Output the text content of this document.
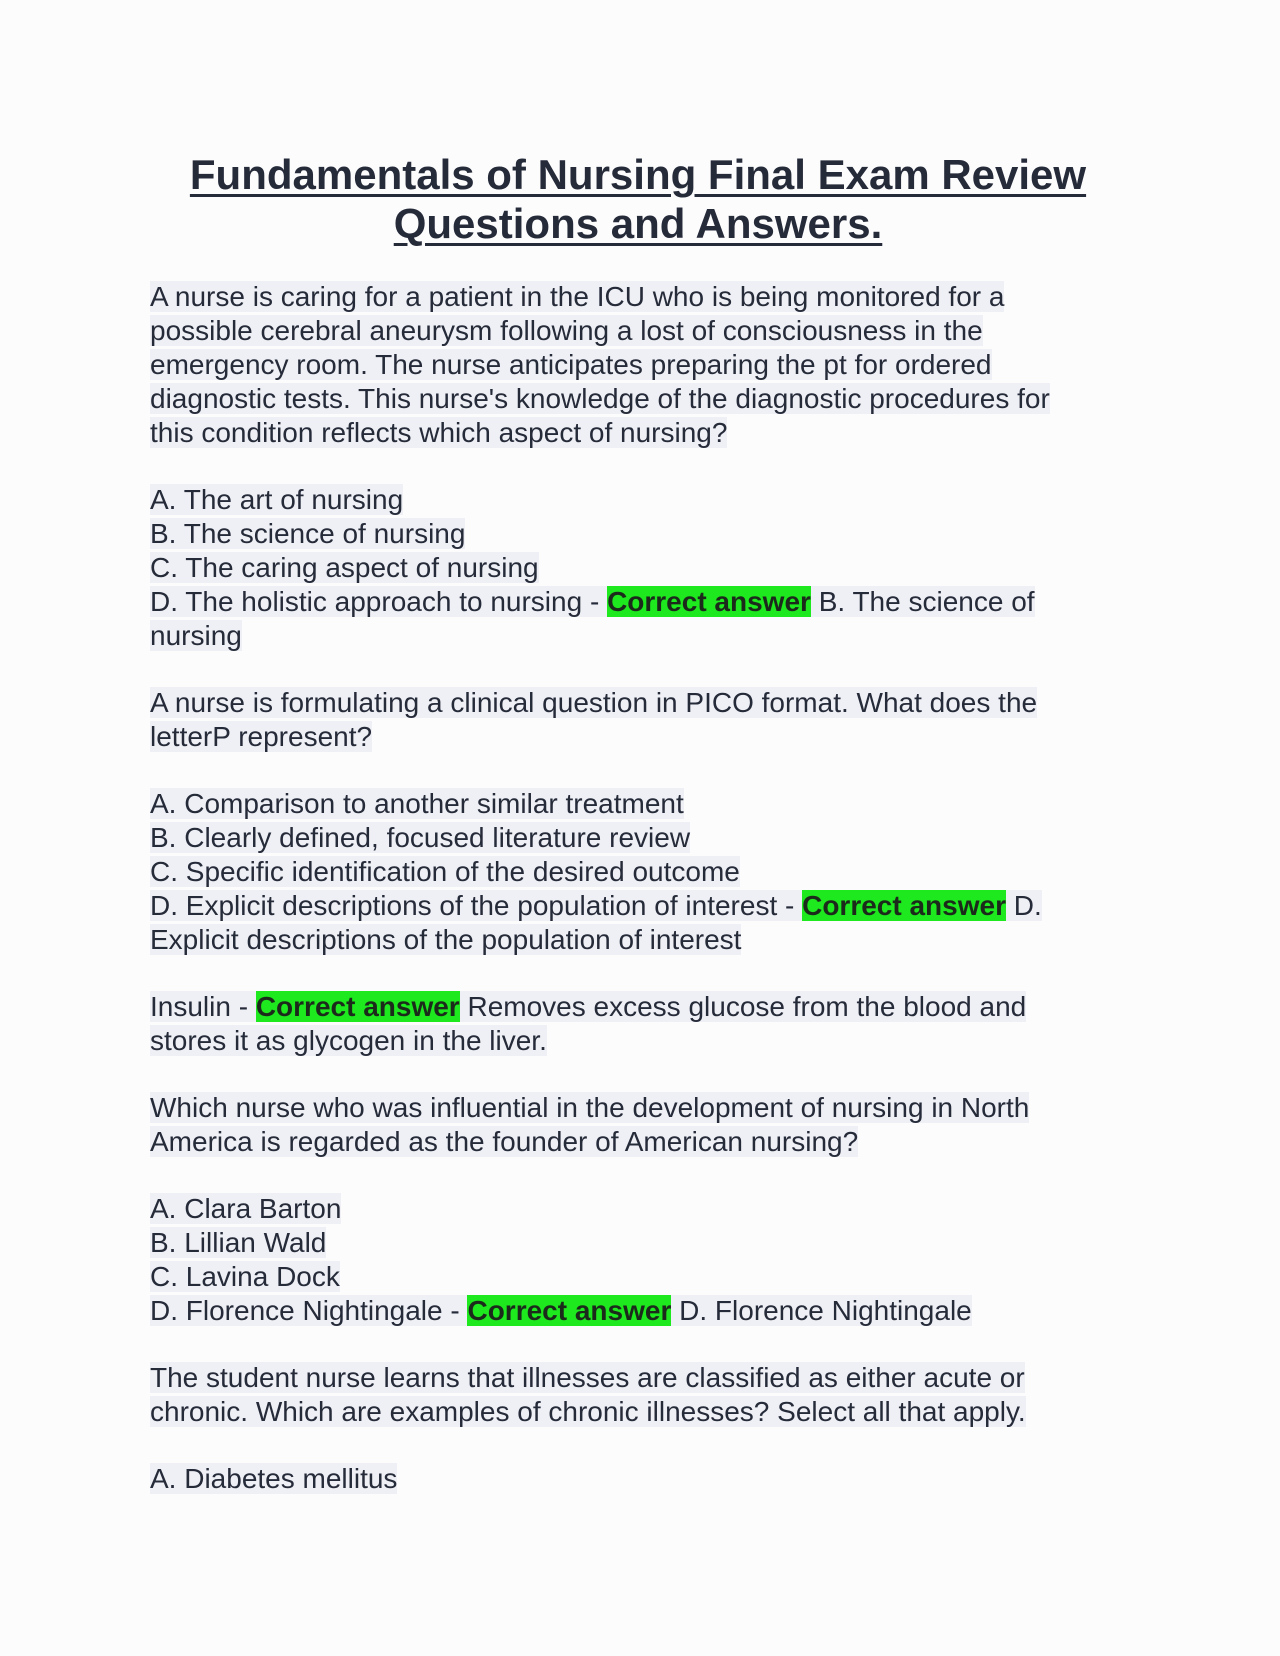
Fundamentals of Nursing Final Exam Review
Questions and Answers.
A nurse is caring for a patient in the ICU who is being monitored for a
possible cerebral aneurysm following a lost of consciousness in the
emergency room. The nurse anticipates preparing the pt for ordered
diagnostic tests. This nurse's knowledge of the diagnostic procedures for
this condition reflects which aspect of nursing?
A. The art of nursing
B. The science of nursing
C. The caring aspect of nursing
D. The holistic approach to nursing - Correct answer B. The science of
nursing
A nurse is formulating a clinical question in PICO format. What does the
letterP represent?
A. Comparison to another similar treatment
B. Clearly defined, focused literature review
C. Specific identification of the desired outcome
D. Explicit descriptions of the population of interest - Correct answer D.
Explicit descriptions of the population of interest
Insulin - Correct answer Removes excess glucose from the blood and
stores it as glycogen in the liver.
Which nurse who was influential in the development of nursing in North
America is regarded as the founder of American nursing?
A. Clara Barton
B. Lillian Wald
C. Lavina Dock
D. Florence Nightingale - Correct answer D. Florence Nightingale
The student nurse learns that illnesses are classified as either acute or
chronic. Which are examples of chronic illnesses? Select all that apply.
A. Diabetes mellitus
